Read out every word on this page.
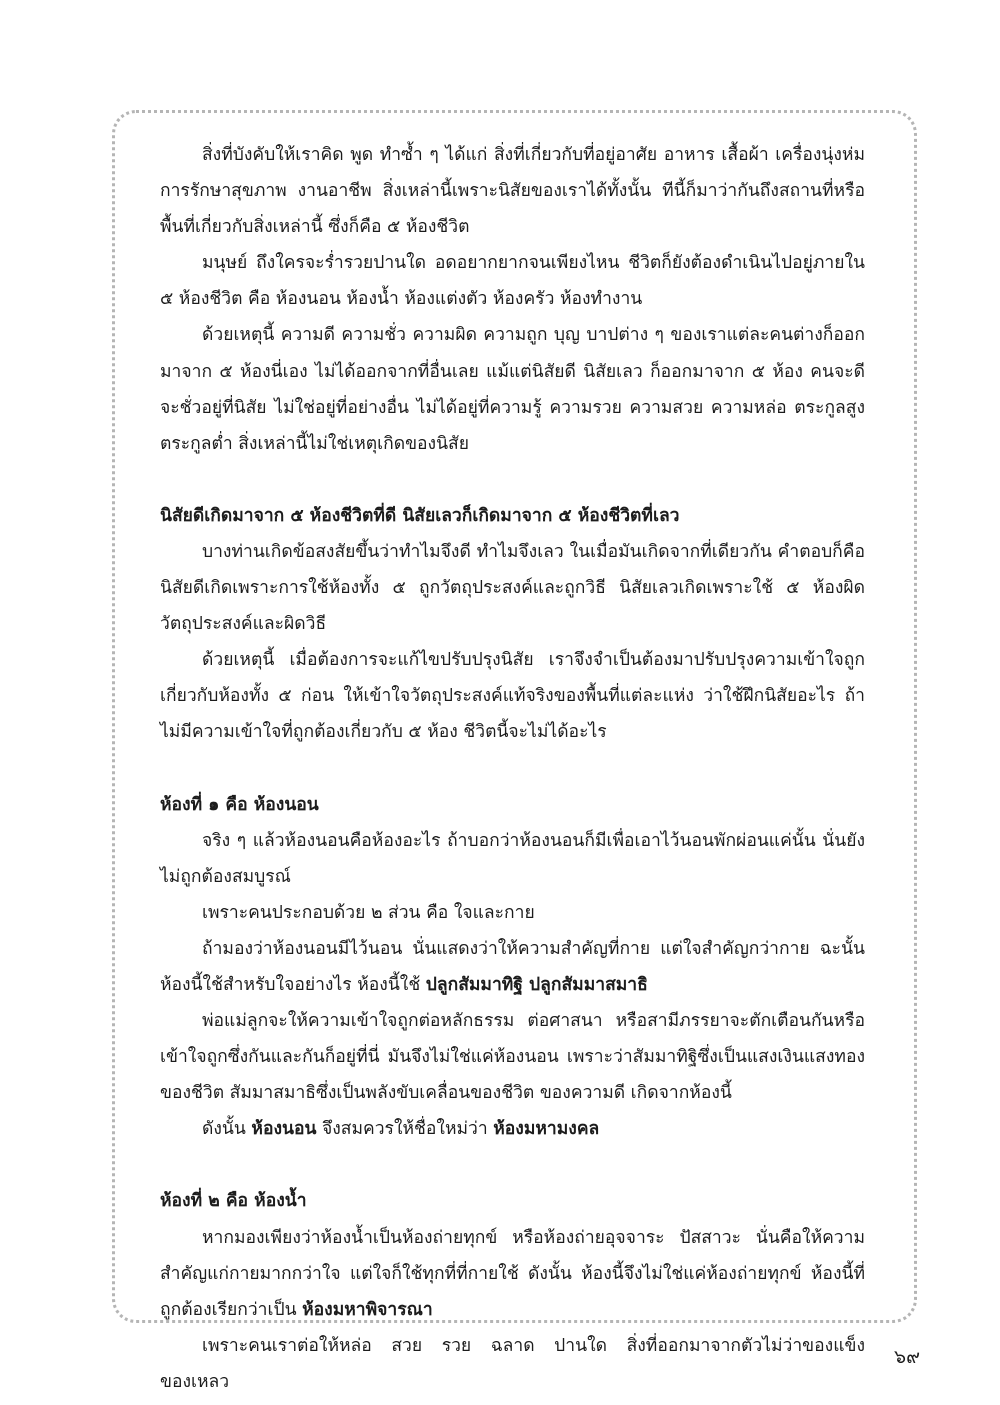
สิ่งที่บังคับให้เราคิด พูด ทำซ้ำ ๆ ได้แก่ สิ่งที่เกี่ยวกับที่อยู่อาศัย อาหาร เสื้อผ้า เครื่องนุ่งห่ม การรักษาสุขภาพ งานอาชีพ สิ่งเหล่านี้เพราะนิสัยของเราได้ทั้งนั้น ทีนี้ก็มาว่ากันถึงสถานที่หรือพื้นที่เกี่ยวกับสิ่งเหล่านี้ ซึ่งก็คือ ๕ ห้องชีวิต

มนุษย์ ถึงใครจะร่ำรวยปานใด อดอยากยากจนเพียงไหน ชีวิตก็ยังต้องดำเนินไปอยู่ภายใน ๕ ห้องชีวิต คือ ห้องนอน ห้องน้ำ ห้องแต่งตัว ห้องครัว ห้องทำงาน

ด้วยเหตุนี้ ความดี ความชั่ว ความผิด ความถูก บุญ บาปต่าง ๆ ของเราแต่ละคนต่างก็ออกมาจาก ๕ ห้องนี่เอง ไม่ได้ออกจากที่อื่นเลย แม้แต่นิสัยดี นิสัยเลว ก็ออกมาจาก ๕ ห้อง คนจะดีจะชั่วอยู่ที่นิสัย ไม่ใช่อยู่ที่อย่างอื่น ไม่ได้อยู่ที่ความรู้ ความรวย ความสวย ความหล่อ ตระกูลสูง ตระกูลต่ำ สิ่งเหล่านี้ไม่ใช่เหตุเกิดของนิสัย

นิสัยดีเกิดมาจาก ๕ ห้องชีวิตที่ดี นิสัยเลวก็เกิดมาจาก ๕ ห้องชีวิตที่เลว

บางท่านเกิดข้อสงสัยขึ้นว่าทำไมจึงดี ทำไมจึงเลว ในเมื่อมันเกิดจากที่เดียวกัน คำตอบก็คือนิสัยดีเกิดเพราะการใช้ห้องทั้ง ๕ ถูกวัตถุประสงค์และถูกวิธี นิสัยเลวเกิดเพราะใช้ ๕ ห้องผิดวัตถุประสงค์และผิดวิธี

ด้วยเหตุนี้ เมื่อต้องการจะแก้ไขปรับปรุงนิสัย เราจึงจำเป็นต้องมาปรับปรุงความเข้าใจถูกเกี่ยวกับห้องทั้ง ๕ ก่อน ให้เข้าใจวัตถุประสงค์แท้จริงของพื้นที่แต่ละแห่ง ว่าใช้ฝึกนิสัยอะไร ถ้าไม่มีความเข้าใจที่ถูกต้องเกี่ยวกับ ๕ ห้อง ชีวิตนี้จะไม่ได้อะไร

ห้องที่ ๑ คือ ห้องนอน

จริง ๆ แล้วห้องนอนคือห้องอะไร ถ้าบอกว่าห้องนอนก็มีเพื่อเอาไว้นอนพักผ่อนแค่นั้น นั่นยังไม่ถูกต้องสมบูรณ์

เพราะคนประกอบด้วย ๒ ส่วน คือ ใจและกาย

ถ้ามองว่าห้องนอนมีไว้นอน นั่นแสดงว่าให้ความสำคัญที่กาย แต่ใจสำคัญกว่ากาย ฉะนั้นห้องนี้ใช้สำหรับใจอย่างไร ห้องนี้ใช้ ปลูกสัมมาทิฐิ ปลูกสัมมาสมาธิ

พ่อแม่ลูกจะให้ความเข้าใจถูกต่อหลักธรรม ต่อศาสนา หรือสามีภรรยาจะตักเตือนกันหรือเข้าใจถูกซึ่งกันและกันก็อยู่ที่นี่ มันจึงไม่ใช่แค่ห้องนอน เพราะว่าสัมมาทิฐิซึ่งเป็นแสงเงินแสงทองของชีวิต สัมมาสมาธิซึ่งเป็นพลังขับเคลื่อนของชีวิต ของความดี เกิดจากห้องนี้

ดังนั้น ห้องนอน จึงสมควรให้ชื่อใหม่ว่า ห้องมหามงคล

ห้องที่ ๒ คือ ห้องน้ำ

หากมองเพียงว่าห้องน้ำเป็นห้องถ่ายทุกข์ หรือห้องถ่ายอุจจาระ ปัสสาวะ นั่นคือให้ความสำคัญแก่กายมากกว่าใจ แต่ใจก็ใช้ทุกที่ที่กายใช้ ดังนั้น ห้องนี้จึงไม่ใช่แค่ห้องถ่ายทุกข์ ห้องนี้ที่ถูกต้องเรียกว่าเป็น ห้องมหาพิจารณา

เพราะคนเราต่อให้หล่อ สวย รวย ฉลาด ปานใด สิ่งที่ออกมาจากตัวไม่ว่าของแข็ง ของเหลว

๖๙
